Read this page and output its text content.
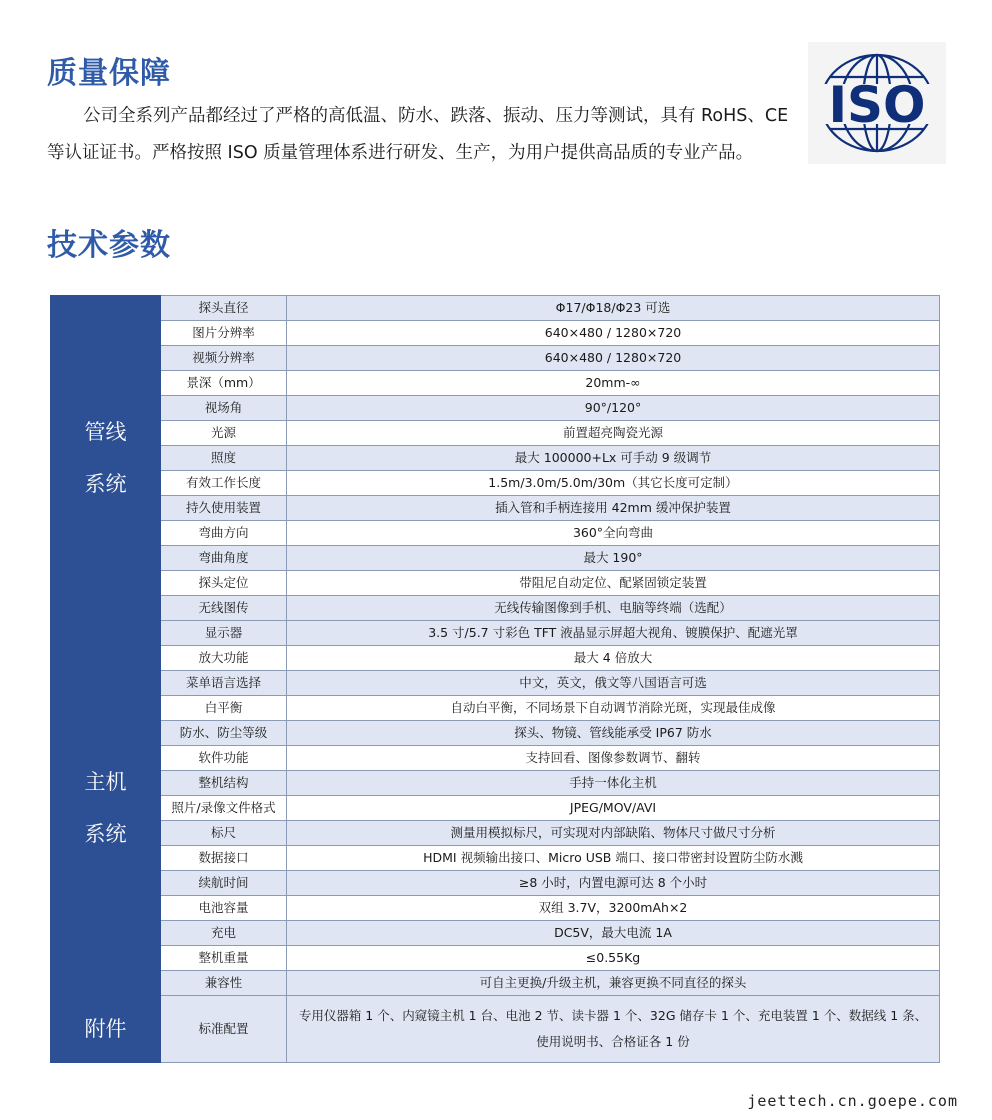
质量保障

公司全系列产品都经过了严格的高低温、防水、跌落、振动、压力等测试，具有 RoHS、CE 等认证证书。严格按照 ISO 质量管理体系进行研发、生产，为用户提供高品质的专业产品。

ISO
技术参数
管线
系统	探头直径	Φ17/Φ18/Φ23 可选
	图片分辨率	640×480 / 1280×720
	视频分辨率	640×480 / 1280×720
	景深（mm）	20mm-∞
	视场角	90°/120°
	光源	前置超亮陶瓷光源
	照度	最大 100000+Lx 可手动 9 级调节
	有效工作长度	1.5m/3.0m/5.0m/30m（其它长度可定制）
	持久使用装置	插入管和手柄连接用 42mm 缓冲保护装置
	弯曲方向	360°全向弯曲
	弯曲角度	最大 190°
	探头定位	带阻尼自动定位、配紧固锁定装置
	无线图传	无线传输图像到手机、电脑等终端（选配）

主机
系统	显示器	3.5 寸/5.7 寸彩色 TFT 液晶显示屏超大视角、镀膜保护、配遮光罩
	放大功能	最大 4 倍放大
	菜单语言选择	中文，英文，俄文等八国语言可选
	白平衡	自动白平衡，不同场景下自动调节消除光斑，实现最佳成像
	防水、防尘等级	探头、物镜、管线能承受 IP67 防水
	软件功能	支持回看、图像参数调节、翻转
	整机结构	手持一体化主机
	照片/录像文件格式	JPEG/MOV/AVI
	标尺	测量用模拟标尺，可实现对内部缺陷、物体尺寸做尺寸分析
	数据接口	HDMI 视频输出接口、Micro USB 端口、接口带密封设置防尘防水溅
	续航时间	≥8 小时，内置电源可达 8 个小时
	电池容量	双组 3.7V，3200mAh×2
	充电	DC5V，最大电流 1A
	整机重量	≤0.55Kg
	兼容性	可自主更换/升级主机，兼容更换不同直径的探头

附件	标准配置	专用仪器箱 1 个、内窥镜主机 1 台、电池 2 节、读卡器 1 个、32G 储存卡 1 个、充电装置 1 个、数据线 1 条、使用说明书、合格证各 1 份
jeettech.cn.goepe.com
